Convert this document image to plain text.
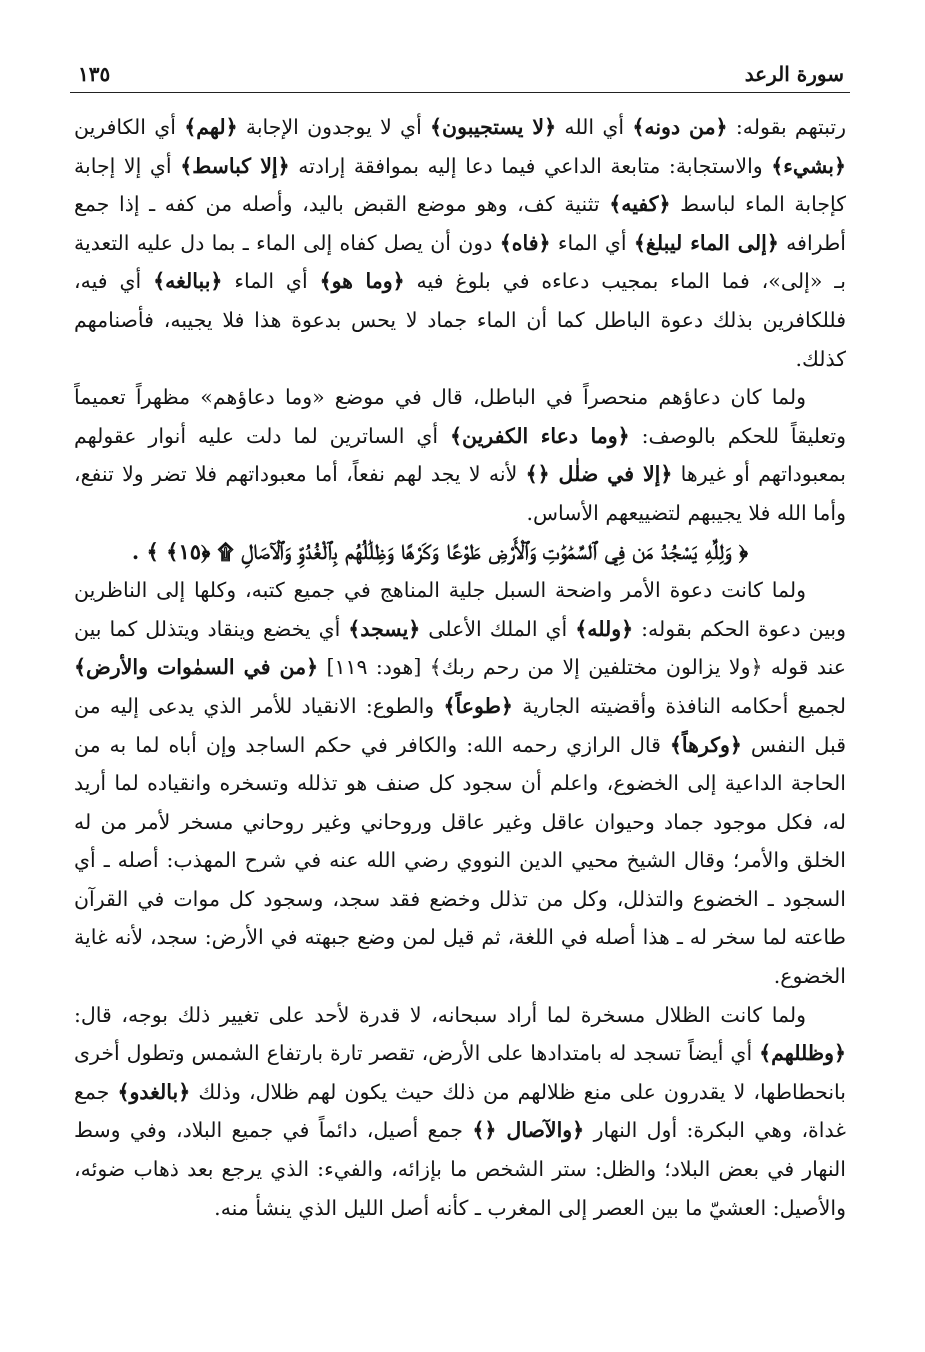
سورة الرعد
١٣٥

رتبتهم بقوله: ﴿من دونه﴾ أي الله ﴿لا يستجيبون﴾ أي لا يوجدون الإجابة ﴿لهم﴾ أي الكافرين ﴿بشيء﴾ والاستجابة: متابعة الداعي فيما دعا إليه بموافقة إرادته ﴿إلا كباسط﴾ أي إلا إجابة كإجابة الماء لباسط ﴿كفيه﴾ تثنية كف، وهو موضع القبض باليد، وأصله من كفه ـ إذا جمع أطرافه ﴿إلى الماء ليبلغ﴾ أي الماء ﴿فاه﴾ دون أن يصل كفاه إلى الماء ـ بما دل عليه التعدية بـ «إلى»، فما الماء بمجيب دعاءه في بلوغ فيه ﴿وما هو﴾ أي الماء ﴿ببالغه﴾ أي فيه، فللكافرين بذلك دعوة الباطل كما أن الماء جماد لا يحس بدعوة هذا فلا يجيبه، فأصنامهم كذلك.

ولما كان دعاؤهم منحصراً في الباطل، قال في موضع «وما دعاؤهم» مظهراً تعميماً وتعليقاً للحكم بالوصف: ﴿وما دعاء الكفرين﴾ أي الساترين لما دلت عليه أنوار عقولهم بمعبوداتهم أو غيرها ﴿إلا في ضلٰل ﴿﴾ لأنه لا يجد لهم نفعاً، أما معبوداتهم فلا تضر ولا تنفع، وأما الله فلا يجيبهم لتضييعهم الأساس.

﴿ وَلِلَّهِ يَسْجُدُ مَن فِي ٱلسَّمَٰوَٰتِ وَٱلْأَرْضِ طَوْعًا وَكَرْهًا وَظِلَٰلُهُم بِٱلْغُدُوِّ وَٱلْآصَالِ ۩ ﴿١٥﴾ ﴾ .

ولما كانت دعوة الأمر واضحة السبل جلية المناهج في جميع كتبه، وكلها إلى الناظرين وبين دعوة الحكم بقوله: ﴿ولله﴾ أي الملك الأعلى ﴿يسجد﴾ أي يخضع وينقاد ويتذلل كما بين عند قوله ﴿ولا يزالون مختلفين إلا من رحم ربك﴾ [هود: ١١٩] ﴿من في السمٰوات والأرض﴾ لجميع أحكامه النافذة وأقضيته الجارية ﴿طوعاً﴾ والطوع: الانقياد للأمر الذي يدعى إليه من قبل النفس ﴿وكرهاً﴾ قال الرازي رحمه الله: والكافر في حكم الساجد وإن أباه لما به من الحاجة الداعية إلى الخضوع، واعلم أن سجود كل صنف هو تذلله وتسخره وانقياده لما أريد له، فكل موجود جماد وحيوان عاقل وغير عاقل وروحاني وغير روحاني مسخر لأمر من له الخلق والأمر؛ وقال الشيخ محيي الدين النووي رضي الله عنه في شرح المهذب: أصله ـ أي السجود ـ الخضوع والتذلل، وكل من تذلل وخضع فقد سجد، وسجود كل موات في القرآن طاعته لما سخر له ـ هذا أصله في اللغة، ثم قيل لمن وضع جبهته في الأرض: سجد، لأنه غاية الخضوع.

ولما كانت الظلال مسخرة لما أراد سبحانه، لا قدرة لأحد على تغيير ذلك بوجه، قال: ﴿وظللهم﴾ أي أيضاً تسجد له بامتدادها على الأرض، تقصر تارة بارتفاع الشمس وتطول أخرى بانحطاطها، لا يقدرون على منع ظلالهم من ذلك حيث يكون لهم ظلال، وذلك ﴿بالغدو﴾ جمع غداة، وهي البكرة: أول النهار ﴿والآصال ﴿﴾ جمع أصيل، دائماً في جميع البلاد، وفي وسط النهار في بعض البلاد؛ والظل: ستر الشخص ما بإزائه، والفيء: الذي يرجع بعد ذهاب ضوئه، والأصيل: العشيّ ما بين العصر إلى المغرب ـ كأنه أصل الليل الذي ينشأ منه.
